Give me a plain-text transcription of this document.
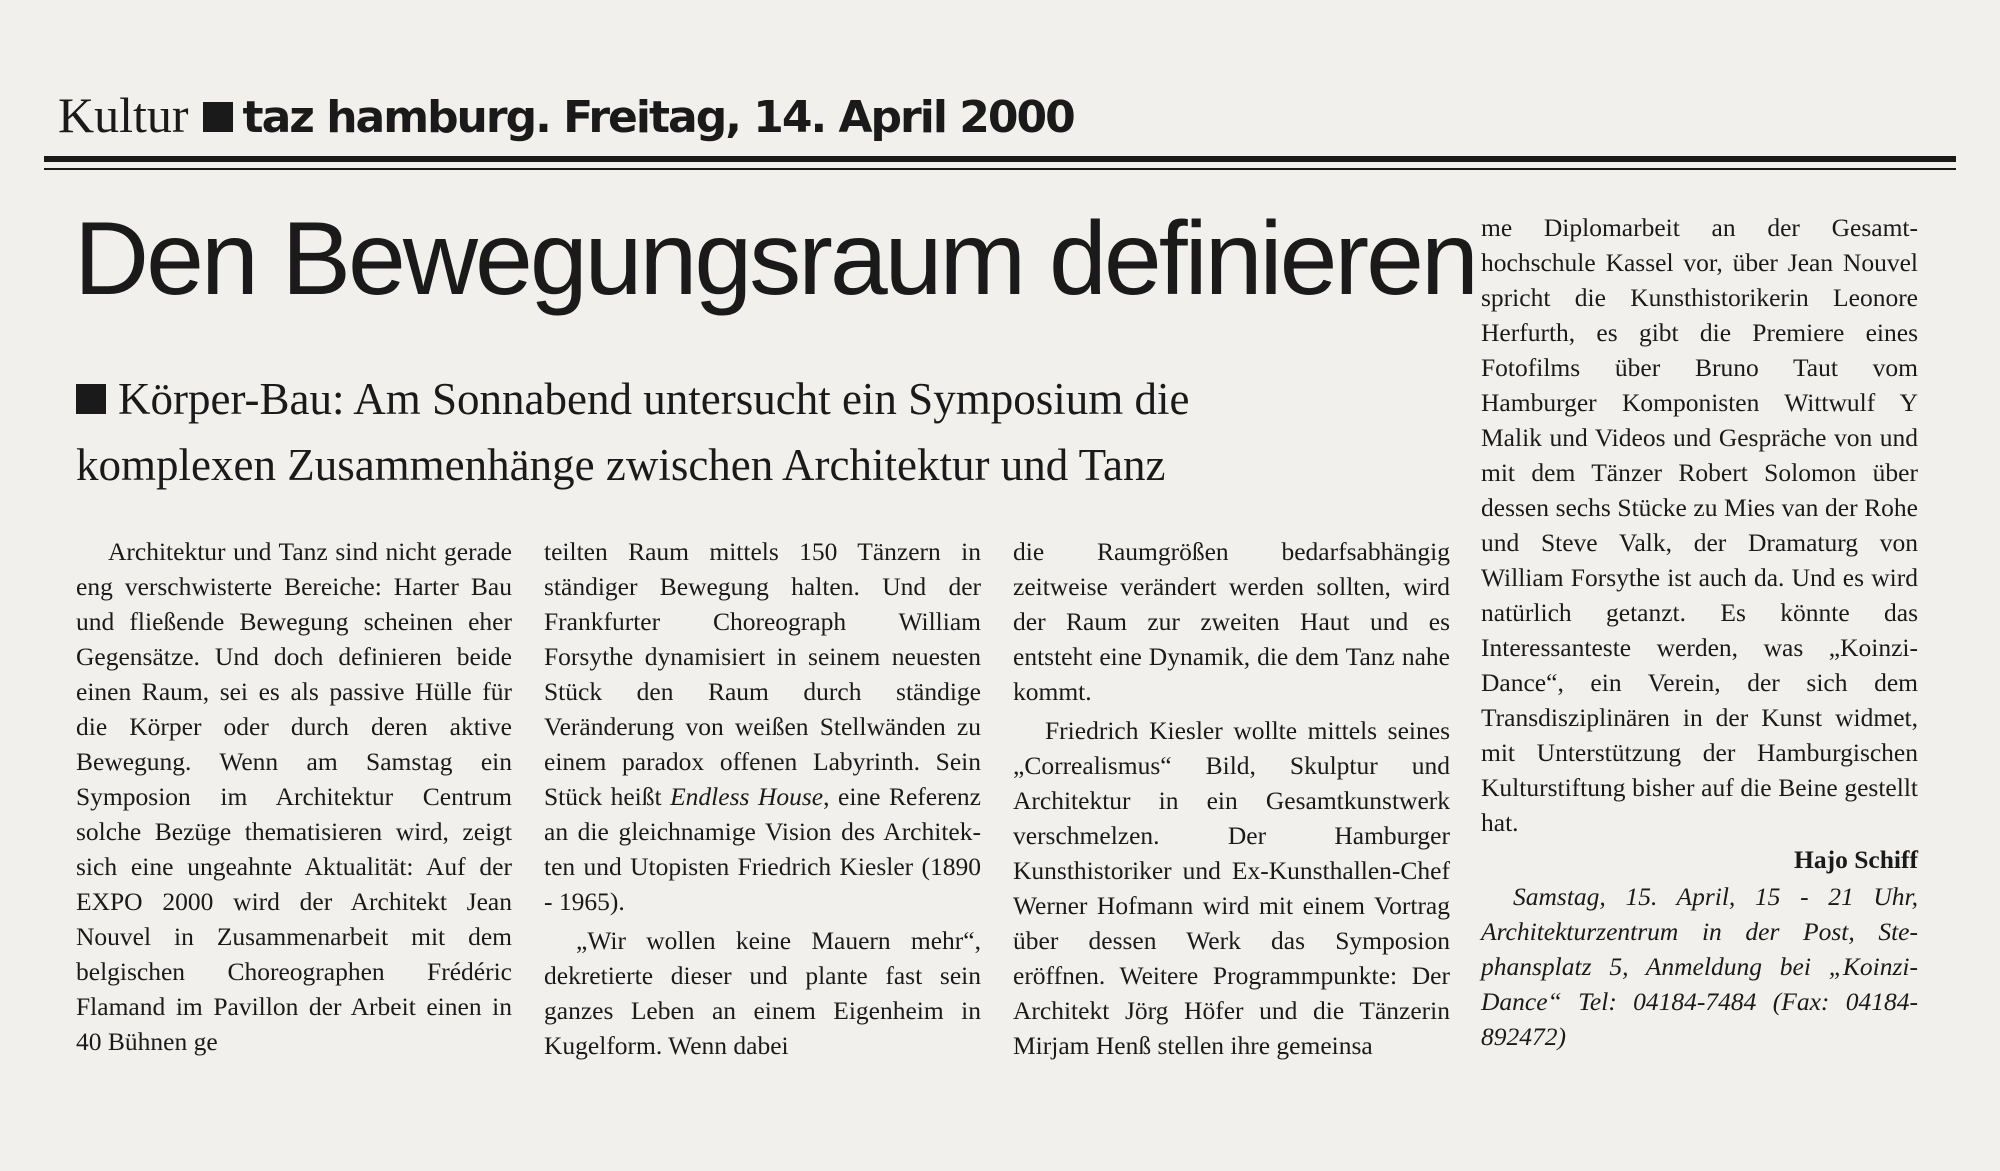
Kultur taz hamburg. Freitag, 14. April 2000
Den Bewegungsraum definieren
Körper-Bau: Am Sonnabend untersucht ein Symposium die komplexen Zusammenhänge zwischen Architektur und Tanz

Architektur und Tanz sind nicht gerade eng verschwisterte Bereiche: Harter Bau und fließende Bewegung scheinen eher Gegensätze. Und doch definieren beide einen Raum, sei es als passive Hülle für die Körper oder durch deren aktive Bewegung. Wenn am Samstag ein Symposion im Architektur Centrum solche Bezüge thematisieren wird, zeigt sich eine ungeahnte Aktualität: Auf der EXPO 2000 wird der Architekt Jean Nouvel in Zusammenarbeit mit dem belgischen Choreographen Frédéric Flamand im Pavillon der Arbeit einen in 40 Bühnen ge

teilten Raum mittels 150 Tänzern in ständiger Bewegung halten. Und der Frankfurter Choreograph William Forsythe dynamisiert in seinem neuesten Stück den Raum durch ständige Veränderung von weißen Stellwänden zu einem paradox offenen Labyrinth. Sein Stück heißt Endless House, eine Referenz an die gleichnamige Vision des Architekten und Utopisten Friedrich Kiesler (1890 - 1965).

„Wir wollen keine Mauern mehr“, dekretierte dieser und plante fast sein ganzes Leben an einem Eigenheim in Kugelform. Wenn dabei

die Raumgrößen bedarfsabhängig zeitweise verändert werden sollten, wird der Raum zur zweiten Haut und es entsteht eine Dynamik, die dem Tanz nahe kommt.

Friedrich Kiesler wollte mittels seines „Correalismus“ Bild, Skulptur und Architektur in ein Gesamtkunstwerk verschmelzen. Der Hamburger Kunsthistoriker und Ex-Kunsthallen-Chef Werner Hofmann wird mit einem Vortrag über dessen Werk das Symposion eröffnen. Weitere Programmpunkte: Der Architekt Jörg Höfer und die Tänzerin Mirjam Henß stellen ihre gemeinsa

me Diplomarbeit an der Gesamthochschule Kassel vor, über Jean Nouvel spricht die Kunsthistorikerin Leonore Herfurth, es gibt die Premiere eines Fotofilms über Bruno Taut vom Hamburger Komponisten Wittwulf Y Malik und Videos und Gespräche von und mit dem Tänzer Robert Solomon über dessen sechs Stücke zu Mies van der Rohe und Steve Valk, der Dramaturg von William Forsythe ist auch da. Und es wird natürlich getanzt. Es könnte das Interessanteste werden, was „Koinzi-Dance“, ein Verein, der sich dem Transdisziplinären in der Kunst widmet, mit Unterstützung der Hamburgischen Kulturstiftung bisher auf die Beine gestellt hat.

Hajo Schiff

Samstag, 15. April, 15 - 21 Uhr, Architekturzentrum in der Post, Stephansplatz 5, Anmeldung bei „Koinzi-Dance“ Tel: 04184-7484 (Fax: 04184-892472)
